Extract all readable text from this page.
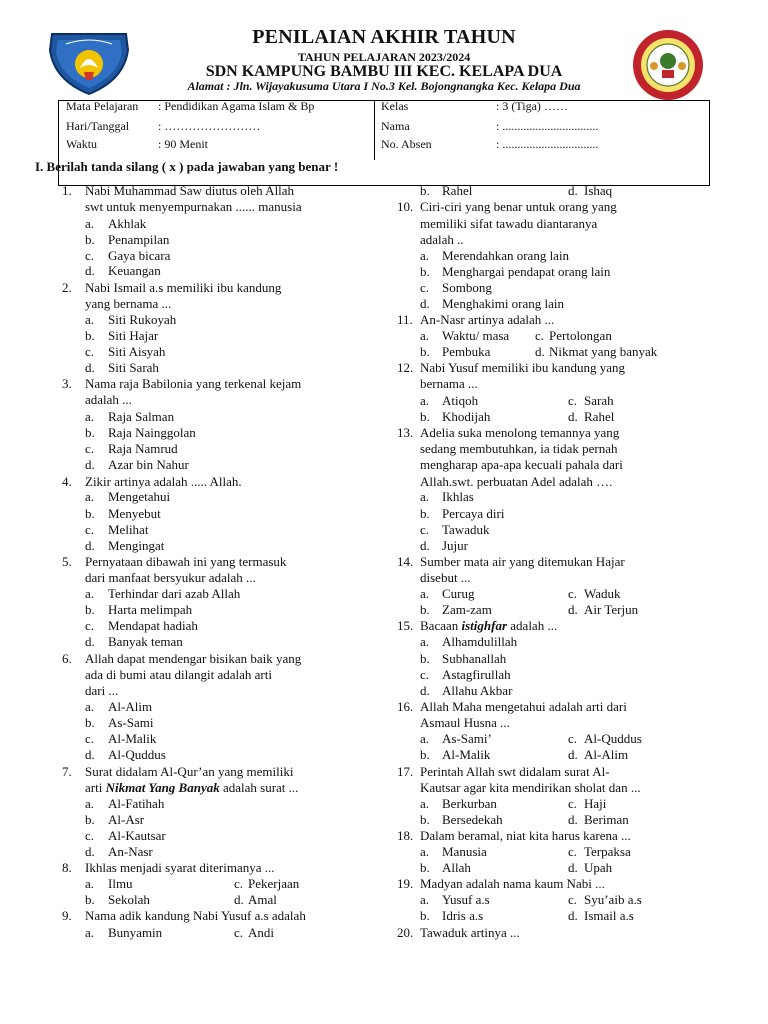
PENILAIAN AKHIR TAHUN
TAHUN PELAJARAN 2023/2024
SDN KAMPUNG BAMBU III KEC. KELAPA DUA
Alamat : Jln. Wijayakusuma Utara I No.3 Kel. Bojongnangka Kec. Kelapa Dua
Mata Pelajaran : Pendidikan Agama Islam & Bp
Hari/Tanggal : ……………………
Waktu	: 90 Menit
Kelas	: 3 (Tiga) ……
Nama	: ................................
No. Absen	: ................................
I. Berilah tanda silang ( x ) pada jawaban yang benar !
1. Nabi Muhammad Saw diutus oleh Allah
swt untuk menyempurnakan ...... manusia
a. Akhlak
b. Penampilan
c. Gaya bicara
d. Keuangan
2. Nabi Ismail a.s memiliki ibu kandung
yang bernama ...
a. Siti Rukoyah
b. Siti Hajar
c. Siti Aisyah
d. Siti Sarah
3. Nama raja Babilonia yang terkenal kejam
adalah ...
a. Raja Salman
b. Raja Nainggolan
c. Raja Namrud
d. Azar bin Nahur
4. Zikir artinya adalah ..... Allah.
a. Mengetahui
b. Menyebut
c. Melihat
d. Mengingat
5. Pernyataan dibawah ini yang termasuk
dari manfaat bersyukur adalah ...
a. Terhindar dari azab Allah
b. Harta melimpah
c. Mendapat hadiah
d. Banyak teman
6. Allah dapat mendengar bisikan baik yang
ada di bumi atau dilangit adalah arti
dari ...
a. Al-Alim
b. As-Sami
c. Al-Malik
d. Al-Quddus
7. Surat didalam Al-Qur’an yang memiliki
arti Nikmat Yang Banyak adalah surat ...
a. Al-Fatihah
b. Al-Asr
c. Al-Kautsar
d. An-Nasr
8. Ikhlas menjadi syarat diterimanya ...
a. Ilmu	c. Pekerjaan
b. Sekolah	d. Amal
9. Nama adik kandung Nabi Yusuf a.s adalah
a. Bunyamin	c. Andi
b. Rahel	d. Ishaq
10. Ciri-ciri yang benar untuk orang yang
memiliki sifat tawadu diantaranya
adalah ..
a. Merendahkan orang lain
b. Menghargai pendapat orang lain
c. Sombong
d. Menghakimi orang lain
11. An-Nasr artinya adalah ...
a. Waktu/ masa c. Pertolongan
b. Pembuka	d. Nikmat yang banyak
12. Nabi Yusuf memiliki ibu kandung yang
bernama ...
a. Atiqoh	c. Sarah
b. Khodijah	d. Rahel
13. Adelia suka menolong temannya yang
sedang membutuhkan, ia tidak pernah
mengharap apa-apa kecuali pahala dari
Allah.swt. perbuatan Adel adalah ….
a. Ikhlas
b. Percaya diri
c. Tawaduk
d. Jujur
14. Sumber mata air yang ditemukan Hajar
disebut ...
a. Curug	c. Waduk
b. Zam-zam	d. Air Terjun
15. Bacaan istighfar adalah ...
a. Alhamdulillah
b. Subhanallah
c. Astagfirullah
d. Allahu Akbar
16. Allah Maha mengetahui adalah arti dari
Asmaul Husna ...
a. As-Sami’	c. Al-Quddus
b. Al-Malik	d. Al-Alim
17. Perintah Allah swt didalam surat Al-
Kautsar agar kita mendirikan sholat dan ...
a. Berkurban	c. Haji
b. Bersedekah	d. Beriman
18. Dalam beramal, niat kita harus karena ...
a. Manusia	c. Terpaksa
b. Allah	d. Upah
19. Madyan adalah nama kaum Nabi ...
a. Yusuf a.s	c. Syu’aib a.s
b. Idris a.s	d. Ismail a.s
20. Tawaduk artinya ...
